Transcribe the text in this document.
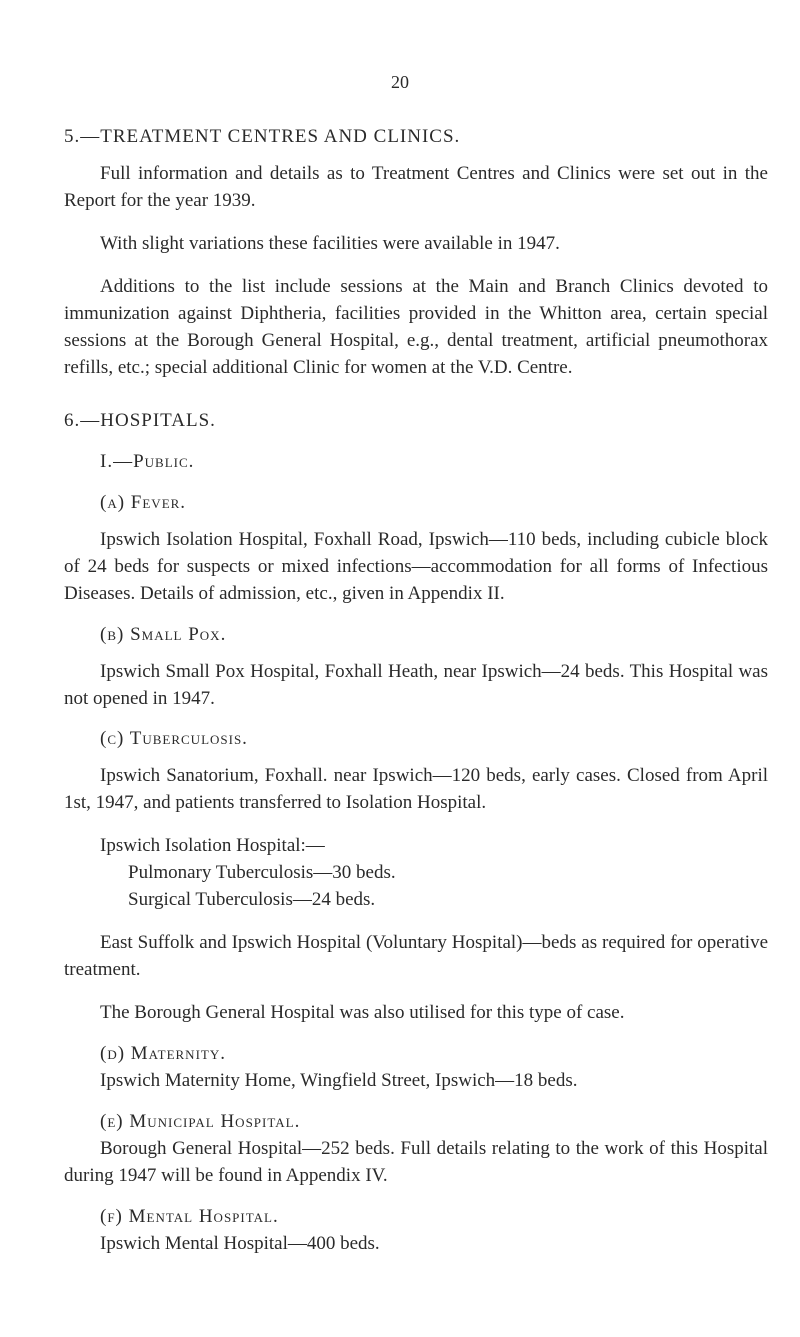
20

5.—TREATMENT CENTRES AND CLINICS.

Full information and details as to Treatment Centres and Clinics were set out in the Report for the year 1939.

With slight variations these facilities were available in 1947.

Additions to the list include sessions at the Main and Branch Clinics devoted to immunization against Diphtheria, facilities provided in the Whitton area, certain special sessions at the Borough General Hospital, e.g., dental treatment, artificial pneumothorax refills, etc.; special additional Clinic for women at the V.D. Centre.

6.—HOSPITALS.

I.—Public.

(a) Fever.

Ipswich Isolation Hospital, Foxhall Road, Ipswich—110 beds, including cubicle block of 24 beds for suspects or mixed infections—accommodation for all forms of Infectious Diseases. Details of admission, etc., given in Appendix II.

(b) Small Pox.

Ipswich Small Pox Hospital, Foxhall Heath, near Ipswich—24 beds. This Hospital was not opened in 1947.

(c) Tuberculosis.

Ipswich Sanatorium, Foxhall. near Ipswich—120 beds, early cases. Closed from April 1st, 1947, and patients transferred to Isolation Hospital.

Ipswich Isolation Hospital:—

Pulmonary Tuberculosis—30 beds.

Surgical Tuberculosis—24 beds.

East Suffolk and Ipswich Hospital (Voluntary Hospital)—beds as required for operative treatment.

The Borough General Hospital was also utilised for this type of case.

(d) Maternity.

Ipswich Maternity Home, Wingfield Street, Ipswich—18 beds.

(e) Municipal Hospital.

Borough General Hospital—252 beds. Full details relating to the work of this Hospital during 1947 will be found in Appendix IV.

(f) Mental Hospital.

Ipswich Mental Hospital—400 beds.
